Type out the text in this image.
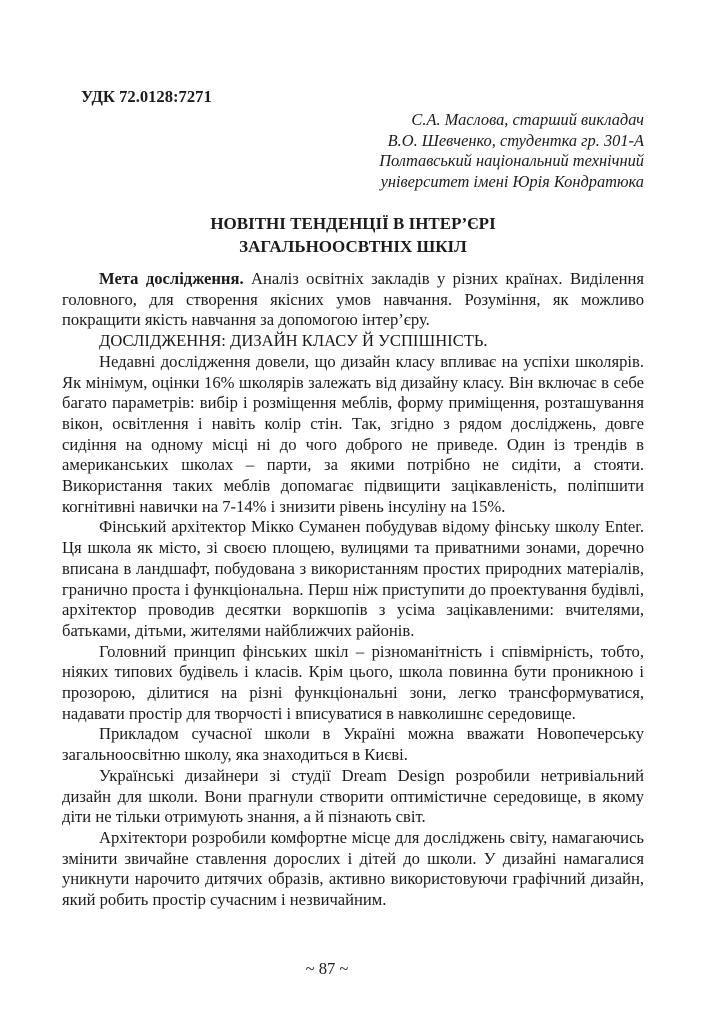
УДК 72.0128:7271
С.А. Маслова, старший викладач
В.О. Шевченко, студентка гр. 301-А
Полтавський національний технічний
університет імені Юрія Кондратюка
НОВІТНІ ТЕНДЕНЦІЇ В ІНТЕР’ЄРІ
ЗАГАЛЬНООСВТНІХ ШКІЛ

Мета дослідження. Аналіз освітніх закладів у різних країнах. Виділення головного, для створення якісних умов навчання. Розуміння, як можливо покращити якість навчання за допомогою інтер’єру.

ДОСЛІДЖЕННЯ: ДИЗАЙН КЛАСУ Й УСПІШНІСТЬ.

Недавні дослідження довели, що дизайн класу впливає на успіхи школярів. Як мінімум, оцінки 16% школярів залежать від дизайну класу. Він включає в себе багато параметрів: вибір і розміщення меблів, форму приміщення, розташування вікон, освітлення і навіть колір стін. Так, згідно з рядом досліджень, довге сидіння на одному місці ні до чого доброго не приведе. Один із трендів в американських школах – парти, за якими потрібно не сидіти, а стояти. Використання таких меблів допомагає підвищити зацікавленість, поліпшити когнітивні навички на 7-14% і знизити рівень інсуліну на 15%.

Фінський архітектор Мікко Суманен побудував відому фінську школу Enter. Ця школа як місто, зі своєю площею, вулицями та приватними зонами, доречно вписана в ландшафт, побудована з використанням простих природних матеріалів, гранично проста і функціональна. Перш ніж приступити до проектування будівлі, архітектор проводив десятки воркшопів з усіма зацікавленими: вчителями, батьками, дітьми, жителями найближчих районів.

Головний принцип фінських шкіл – різноманітність і співмірність, тобто, ніяких типових будівель і класів. Крім цього, школа повинна бути проникною і прозорою, ділитися на різні функціональні зони, легко трансформуватися, надавати простір для творчості і вписуватися в навколишнє середовище.

Прикладом сучасної школи в Україні можна вважати Новопечерську загальноосвітню школу, яка знаходиться в Києві.

Українські дизайнери зі студії Dream Design розробили нетривіальний дизайн для школи. Вони прагнули створити оптимістичне середовище, в якому діти не тільки отримують знання, а й пізнають світ.

Архітектори розробили комфортне місце для досліджень світу, намагаючись змінити звичайне ставлення дорослих і дітей до школи. У дизайні намагалися уникнути нарочито дитячих образів, активно використовуючи графічний дизайн, який робить простір сучасним і незвичайним.

~ 87 ~
